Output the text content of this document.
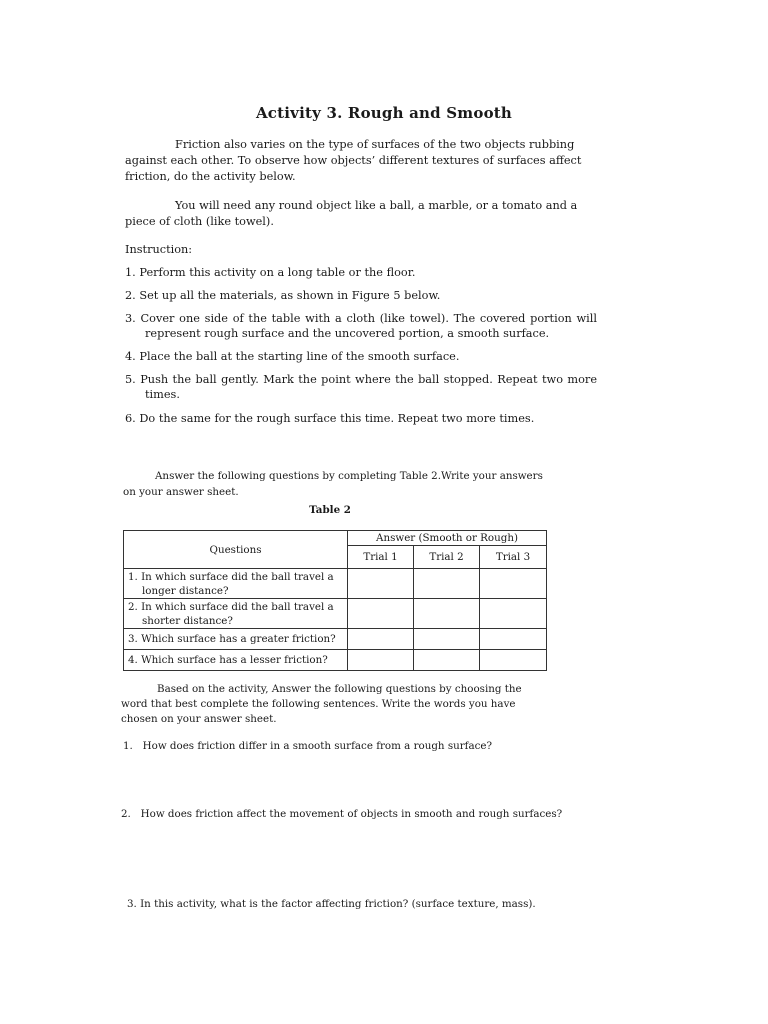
Activity 3. Rough and Smooth
Friction also varies on the type of surfaces of the two objects rubbing against each other. To observe how objects’ different textures of surfaces affect friction, do the activity below.
You will need any round object like a ball, a marble, or a tomato and a piece of cloth (like towel).
Instruction:
1. Perform this activity on a long table or the floor.
2. Set up all the materials, as shown in Figure 5 below.
3. Cover one side of the table with a cloth (like towel). The covered portion will
represent rough surface and the uncovered portion, a smooth surface.
4. Place the ball at the starting line of the smooth surface.
5. Push the ball gently. Mark the point where the ball stopped. Repeat two more
times.
6. Do the same for the rough surface this time. Repeat two more times.
Answer the following questions by completing Table 2.Write your answers on your answer sheet.
Table 2
Questions	Answer (Smooth or Rough)		
	Trial 1	Trial 2	Trial 3
1. In which surface did the ball travel a
longer distance?			
2. In which surface did the ball travel a
shorter distance?			
3. Which surface has a greater friction?			
4. Which surface has a lesser friction?			
Based on the activity, Answer the following questions by choosing the word that best complete the following sentences. Write the words you have chosen on your answer sheet.
1.   How does friction differ in a smooth surface from a rough surface?
2.   How does friction affect the movement of objects in smooth and rough surfaces?
3. In this activity, what is the factor affecting friction? (surface texture, mass).
